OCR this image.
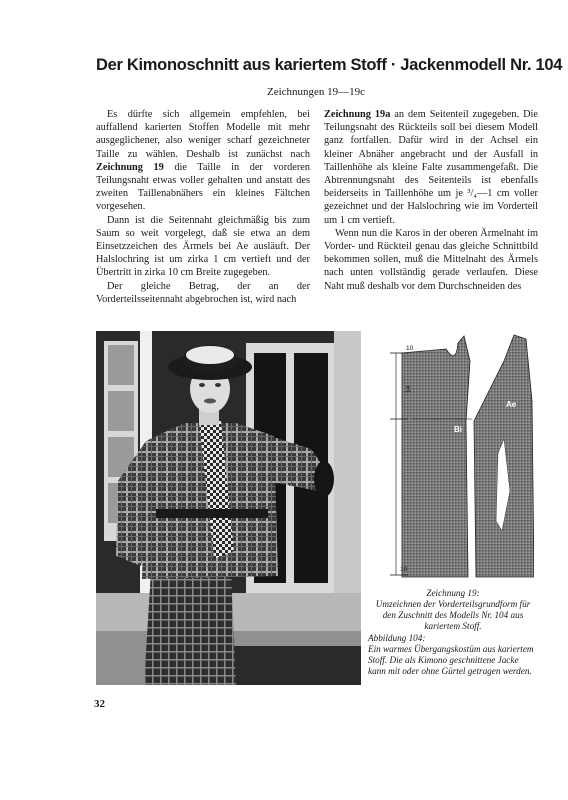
Der Kimonoschnitt aus kariertem Stoff · Jackenmodell Nr. 104
Zeichnungen 19—19c

Es dürfte sich allgemein empfehlen, bei auffallend karierten Stoffen Modelle mit mehr ausgeglichener, also weniger scharf gezeichneter Taille zu wählen. Deshalb ist zunächst nach Zeichnung 19 die Taille in der vorderen Teilungsnaht etwas voller gehalten und anstatt des zweiten Taillenabnähers ein kleines Fältchen vorgesehen.

Dann ist die Seitennaht gleichmäßig bis zum Saum so weit vorgelegt, daß sie etwa an dem Einsetzzeichen des Ärmels bei Ae ausläuft. Der Halslochring ist um zirka 1 cm vertieft und der Übertritt in zirka 10 cm Breite zugegeben.

Der gleiche Betrag, der an der Vorderteilsseitennaht abgebrochen ist, wird nach

Zeichnung 19a an dem Seitenteil zugegeben. Die Teilungsnaht des Rückteils soll bei diesem Modell ganz fortfallen. Dafür wird in der Achsel ein kleiner Abnäher angebracht und der Ausfall in Taillenhöhe als kleine Falte zusammengefaßt. Die Abtrennungsnaht des Seitenteils ist ebenfalls beiderseits in Taillenhöhe um je ³/₄—1 cm voller gezeichnet und der Halslochring wie im Vorderteil um 1 cm vertieft.

Wenn nun die Karos in der oberen Ärmelnaht im Vorder- und Rückteil genau das gleiche Schnittbild bekommen sollen, muß die Mittelnaht des Ärmels nach unten vollständig gerade verlaufen. Diese Naht muß deshalb vor dem Durchschneiden des

10
14
10
Bi
Ae
Zeichnung 19:
Umzeichnen der Vorderteilsgrundform für den Zuschnitt des Modells Nr. 104 aus kariertem Stoff.
Abbildung 104:
Ein warmes Übergangskostüm aus kariertem Stoff. Die als Kimono geschnittene Jacke kann mit oder ohne Gürtel getragen werden.
32
